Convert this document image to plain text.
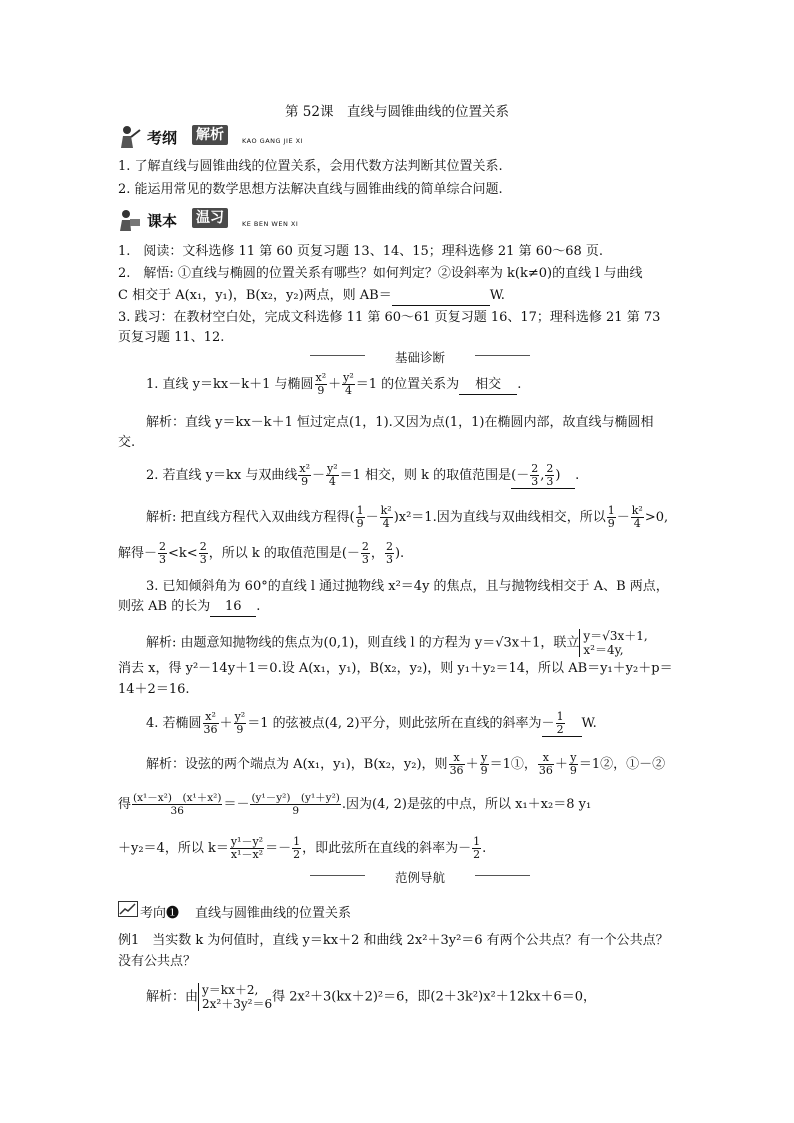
第 52课　直线与圆锥曲线的位置关系
考纲 解析	KAO GANG JIE XI
1. 了解直线与圆锥曲线的位置关系，会用代数方法判断其位置关系.
2. 能运用常见的数学思想方法解决直线与圆锥曲线的简单综合问题.
课本 温习	KE BEN WEN XI
1.　阅读：文科选修 11 第 60 页复习题 13、14、15；理科选修 21 第 60～68 页.
2.　解悟: ①直线与椭圆的位置关系有哪些？如何判定？②设斜率为 k(k≠0)的直线 l 与曲线
C 相交于 A(x₁，y₁)，B(x₂，y₂)两点，则 AB＝	W.
3. 践习：在教材空白处，完成文科选修 11 第 60～61 页复习题 16、17；理科选修 21 第 73
页复习题 11、12.
基础诊断
1. 直线 y＝kx－k＋1 与椭圆 $\frac{\text{x²}}{9} + \frac{\text{y²}}{4} =1$ 的位置关系为 相交 .
解析：直线 y＝kx－k＋1 恒过定点(1，1).又因为点(1，1)在椭圆内部，故直线与椭圆相
交.
2. 若直线 y＝kx 与双曲线 $\frac{\text{x²}}{9} - \frac{\text{y²}}{4} =1$ 相交，则 k 的取值范围是(－ $\frac{2}{3}$ , $\frac{2}{3}$ ) .
解析: 把直线方程代入双曲线方程得( $\frac{1}{9} - \frac{\text{k²}}{4} )x^2=1$.因为直线与双曲线相交，所以 $\frac{1}{9} - \frac{\text{k²}}{4} >0$,
解得－ $\frac{2}{3} <k< \frac{2}{3}$ ，所以 k 的取值范围是(－ $\frac{2}{3}$ ， $\frac{2}{3}$ ).
3. 已知倾斜角为 60°的直线 l 通过抛物线 x²＝4y 的焦点，且与抛物线相交于 A、B 两点，
则弦 AB 的长为 16 .
解析: 由题意知抛物线的焦点为(0,1)，则直线 l 的方程为 y＝√3x＋1，联立 y＝√3x＋1,
x²＝4y,
消去 x，得 y²－14y＋1＝0.设 A(x₁，y₁)，B(x₂，y₂)，则 y₁＋y₂＝14，所以 AB＝y₁＋y₂＋p＝
14＋2＝16.
4. 若椭圆 $\frac{\text{x²}}{36} + \frac{\text{y²}}{9} =1$ 的弦被点(4, 2)平分，则此弦所在直线的斜率为－ $\frac{1}{2} W$.
解析：设弦的两个端点为 A(x₁，y₁)，B(x₂，y₂)，则 $\frac{x}{36} + \frac{y}{9}$ ＝1①， $\frac{x}{36} + \frac{y}{9}$ ＝1②，①－②
得 $\frac{\text{(x¹－x²)　(x¹＋x²)}}{36} =- \frac{\text{(y¹－y²)　(y¹＋y²)}}{9}$ .因为(4, 2)是弦的中点，所以 x₁＋x₂＝8 y₁
＋y₂＝4，所以 $k= \frac{\text{y¹－y²}}{\text{x¹－x²}} =- \frac{1}{2}$ ，即此弦所在直线的斜率为－ $\frac{1}{2}$ .
范例导航
考向❶ 直线与圆锥曲线的位置关系
例1　当实数 k 为何值时，直线 y＝kx＋2 和曲线 2x²＋3y²＝6 有两个公共点？有一个公共点？
没有公共点？
解析：由 y＝kx＋2,
2x²＋3y²＝6 得 2x²＋3(kx＋2)²＝6，即(2＋3k²)x²＋12kx＋6＝0，
